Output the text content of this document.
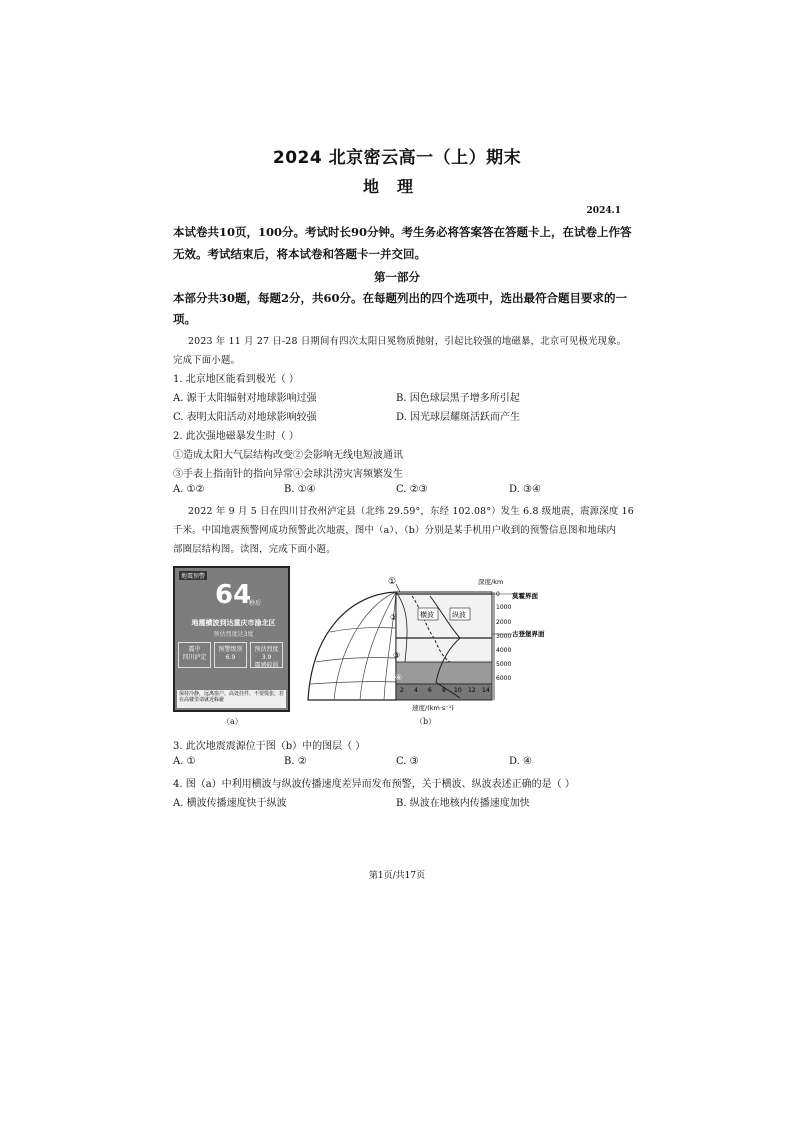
2024 北京密云高一（上）期末
地理
2024.1
本试卷共10页，100分。考试时长90分钟。考生务必将答案答在答题卡上，在试卷上作答
无效。考试结束后，将本试卷和答题卡一并交回。
第一部分
本部分共30题，每题2分，共60分。在每题列出的四个选项中，选出最符合题目要求的一
项。
2023 年 11 月 27 日-28 日期间有四次太阳日冕物质抛射，引起比较强的地磁暴，北京可见极光现象。
完成下面小题。
1. 北京地区能看到极光（ ）
A. 源于太阳辐射对地球影响过强	B. 因色球层黑子增多所引起
C. 表明太阳活动对地球影响较强	D. 因光球层耀斑活跃而产生
2. 此次强地磁暴发生时（ ）
①造成太阳大气层结构改变②会影响无线电短波通讯
③手表上指南针的指向异常④会球洪涝灾害频繁发生
A. ①②	B. ①④	C. ②③	D. ③④
2022 年 9 月 5 日在四川甘孜州泸定县（北纬 29.59°，东经 102.08°）发生 6.8 级地震，震源深度 16
千米。中国地震预警网成功预警此次地震，图中（a）、（b）分别是某手机用户收到的预警信息图和地球内
部圈层结构图。读图，完成下面小题。
地震预警
64
秒后
地震横波到达重庆市渝北区
预估烈度达3度
震中
四川泸定
预警级别
6.9
预估烈度 3.9
震感较弱
保持冷静，远离窗户、高处挂件，不要慌张，若在高楼里请就近躲避
（a）
横波	纵波
①
②
③
④
深度/km
0
1000
2000
3000
4000
5000
6000
莫霍界面
古登堡界面
2 4 6 8 10 12 14
速度/(km·s⁻¹)
（b）
3. 此次地震震源位于图（b）中的图层（ ）
A. ①	B. ②	C. ③	D. ④
4. 图（a）中利用横波与纵波传播速度差异而发布预警，关于横波、纵波表述正确的是（ ）
A. 横波传播速度快于纵波	B. 纵波在地核内传播速度加快
第1页/共17页
